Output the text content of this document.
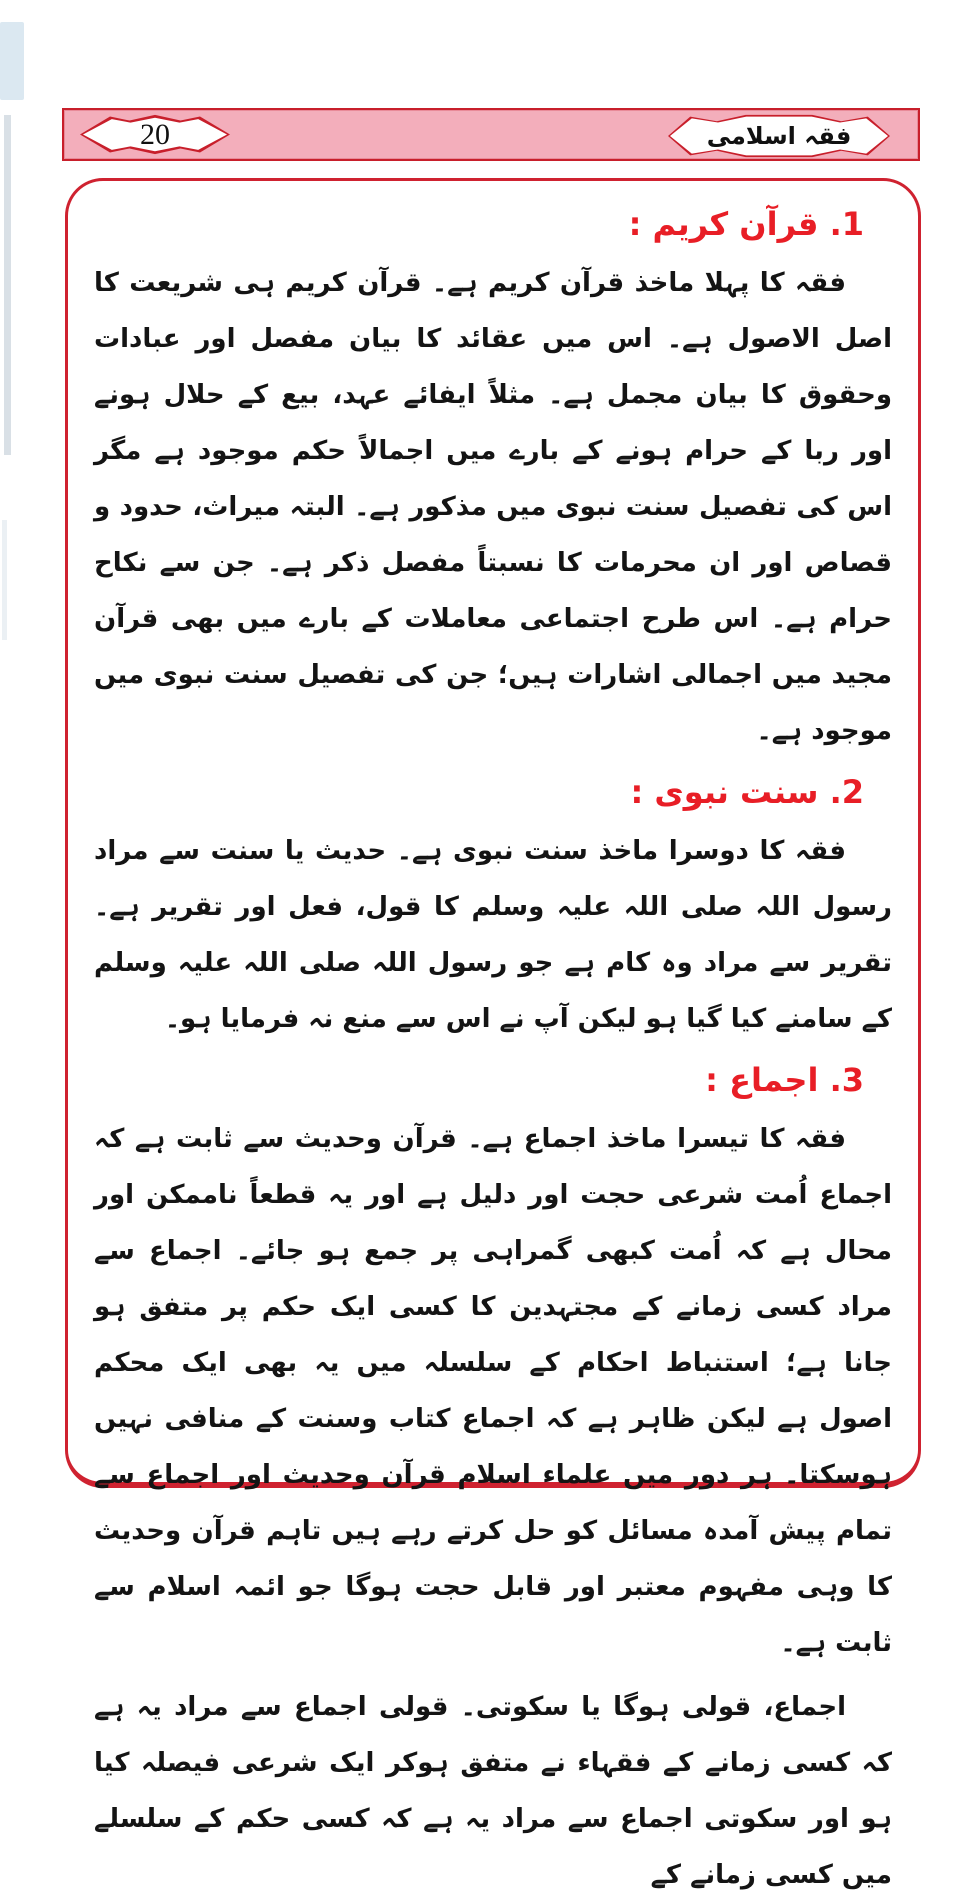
20	فقہ اسلامی
1. قرآن کریم :

فقہ کا پہلا ماخذ قرآن کریم ہے۔ قرآن کریم ہی شریعت کا اصل الاصول ہے۔ اس میں عقائد کا بیان مفصل اور عبادات وحقوق کا بیان مجمل ہے۔ مثلاً ایفائے عہد، بیع کے حلال ہونے اور ربا کے حرام ہونے کے بارے میں اجمالاً حکم موجود ہے مگر اس کی تفصیل سنت نبوی میں مذکور ہے۔ البتہ میراث، حدود و قصاص اور ان محرمات کا نسبتاً مفصل ذکر ہے۔ جن سے نکاح حرام ہے۔ اس طرح اجتماعی معاملات کے بارے میں بھی قرآن مجید میں اجمالی اشارات ہیں؛ جن کی تفصیل سنت نبوی میں موجود ہے۔

2. سنت نبوی :

فقہ کا دوسرا ماخذ سنت نبوی ہے۔ حدیث یا سنت سے مراد رسول اللہ صلی اللہ علیہ وسلم کا قول، فعل اور تقریر ہے۔ تقریر سے مراد وہ کام ہے جو رسول اللہ صلی اللہ علیہ وسلم کے سامنے کیا گیا ہو لیکن آپ نے اس سے منع نہ فرمایا ہو۔

3. اجماع :

فقہ کا تیسرا ماخذ اجماع ہے۔ قرآن وحدیث سے ثابت ہے کہ اجماع اُمت شرعی حجت اور دلیل ہے اور یہ قطعاً ناممکن اور محال ہے کہ اُمت کبھی گمراہی پر جمع ہو جائے۔ اجماع سے مراد کسی زمانے کے مجتہدین کا کسی ایک حکم پر متفق ہو جانا ہے؛ استنباط احکام کے سلسلہ میں یہ بھی ایک محکم اصول ہے لیکن ظاہر ہے کہ اجماع کتاب وسنت کے منافی نہیں ہوسکتا۔ ہر دور میں علماء اسلام قرآن وحدیث اور اجماع سے تمام پیش آمدہ مسائل کو حل کرتے رہے ہیں تاہم قرآن وحدیث کا وہی مفہوم معتبر اور قابل حجت ہوگا جو ائمہ اسلام سے ثابت ہے۔

اجماع، قولی ہوگا یا سکوتی۔ قولی اجماع سے مراد یہ ہے کہ کسی زمانے کے فقہاء نے متفق ہوکر ایک شرعی فیصلہ کیا ہو اور سکوتی اجماع سے مراد یہ ہے کہ کسی حکم کے سلسلے میں کسی زمانے کے
